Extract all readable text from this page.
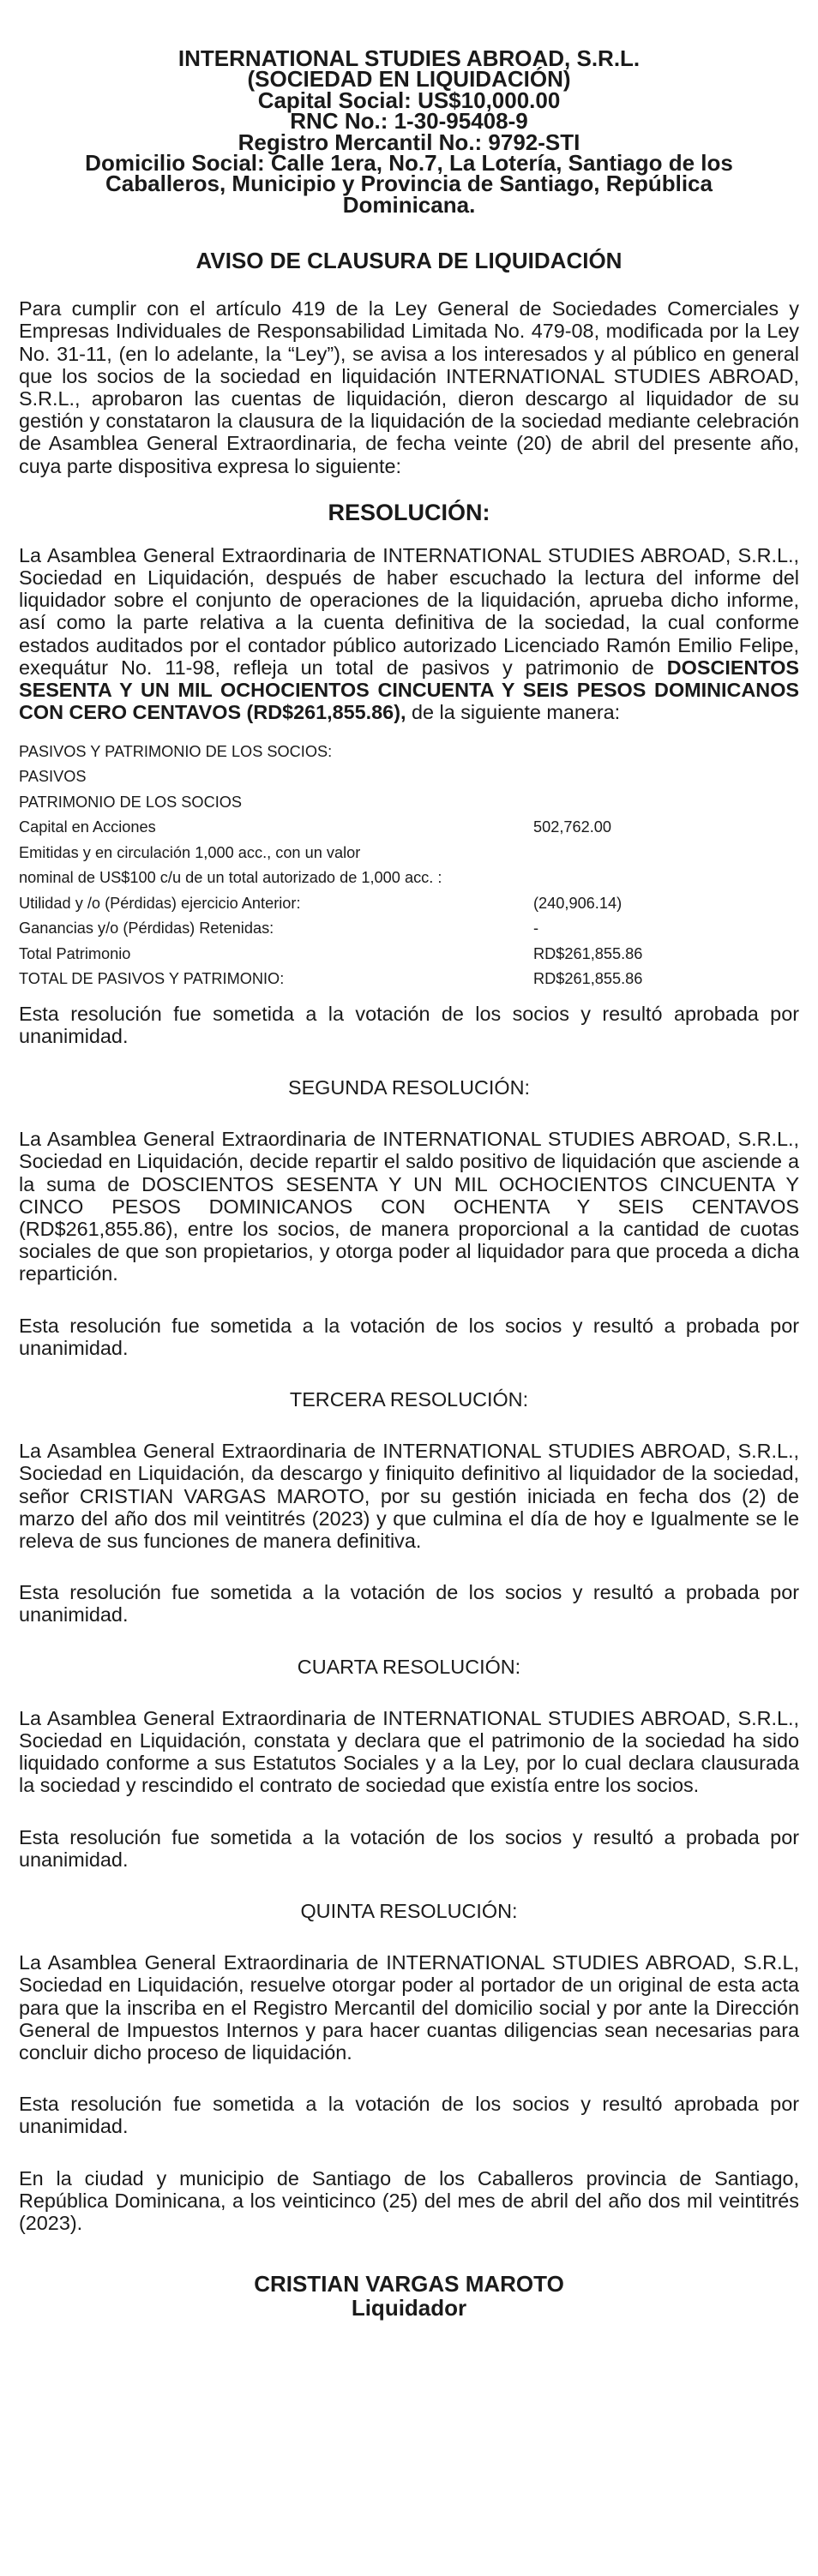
INTERNATIONAL STUDIES ABROAD, S.R.L.
(SOCIEDAD EN LIQUIDACIÓN)
Capital Social: US$10,000.00
RNC No.: 1-30-95408-9
Registro Mercantil No.: 9792-STI
Domicilio Social: Calle 1era, No.7, La Lotería, Santiago de los
Caballeros, Municipio y Provincia de Santiago, República
Dominicana.
AVISO DE CLAUSURA DE LIQUIDACIÓN

Para cumplir con el artículo 419 de la Ley General de Sociedades Comerciales y Empresas Individuales de Responsabilidad Limitada No. 479-08, modificada por la Ley No. 31-11, (en lo adelante, la “Ley”), se avisa a los interesados y al público en general que los socios de la sociedad en liquidación INTERNATIONAL STUDIES ABROAD, S.R.L., aprobaron las cuentas de liquidación, dieron descargo al liquidador de su gestión y constataron la clausura de la liquidación de la sociedad mediante celebración de Asamblea General Extraordinaria, de fecha veinte (20) de abril del presente año, cuya parte dispositiva expresa lo siguiente:

RESOLUCIÓN:

La Asamblea General Extraordinaria de INTERNATIONAL STUDIES ABROAD, S.R.L., Sociedad en Liquidación, después de haber escuchado la lectura del informe del liquidador sobre el conjunto de operaciones de la liquidación, aprueba dicho informe, así como la parte relativa a la cuenta definitiva de la sociedad, la cual conforme estados auditados por el contador público autorizado Licenciado Ramón Emilio Felipe, exequátur No. 11-98, refleja un total de pasivos y patrimonio de DOSCIENTOS SESENTA Y UN MIL OCHOCIENTOS CINCUENTA Y SEIS PESOS DOMINICANOS CON CERO CENTAVOS (RD$261,855.86), de la siguiente manera:

PASIVOS Y PATRIMONIO DE LOS SOCIOS:	
PASIVOS	
PATRIMONIO DE LOS SOCIOS	
Capital en Acciones	502,762.00
Emitidas y en circulación 1,000 acc., con un valor	
nominal de US$100 c/u de un total autorizado de 1,000 acc. :	
Utilidad y /o (Pérdidas) ejercicio Anterior:	(240,906.14)
Ganancias y/o (Pérdidas) Retenidas:	-
Total Patrimonio	RD$261,855.86
TOTAL DE PASIVOS Y PATRIMONIO:	RD$261,855.86

Esta resolución fue sometida a la votación de los socios y resultó aprobada por unanimidad.

SEGUNDA RESOLUCIÓN:

La Asamblea General Extraordinaria de INTERNATIONAL STUDIES ABROAD, S.R.L., Sociedad en Liquidación, decide repartir el saldo positivo de liquidación que asciende a la suma de DOSCIENTOS SESENTA Y UN MIL OCHOCIENTOS CINCUENTA Y CINCO PESOS DOMINICANOS CON OCHENTA Y SEIS CENTAVOS (RD$261,855.86), entre los socios, de manera proporcional a la cantidad de cuotas sociales de que son propietarios, y otorga poder al liquidador para que proceda a dicha repartición.

Esta resolución fue sometida a la votación de los socios y resultó a probada por unanimidad.

TERCERA RESOLUCIÓN:

La Asamblea General Extraordinaria de INTERNATIONAL STUDIES ABROAD, S.R.L., Sociedad en Liquidación, da descargo y finiquito definitivo al liquidador de la sociedad, señor CRISTIAN VARGAS MAROTO, por su gestión iniciada en fecha dos (2) de marzo del año dos mil veintitrés (2023) y que culmina el día de hoy e Igualmente se le releva de sus funciones de manera definitiva.

Esta resolución fue sometida a la votación de los socios y resultó a probada por unanimidad.

CUARTA RESOLUCIÓN:

La Asamblea General Extraordinaria de INTERNATIONAL STUDIES ABROAD, S.R.L., Sociedad en Liquidación, constata y declara que el patrimonio de la sociedad ha sido liquidado conforme a sus Estatutos Sociales y a la Ley, por lo cual declara clausurada la sociedad y rescindido el contrato de sociedad que existía entre los socios.

Esta resolución fue sometida a la votación de los socios y resultó a probada por unanimidad.

QUINTA RESOLUCIÓN:

La Asamblea General Extraordinaria de INTERNATIONAL STUDIES ABROAD, S.R.L, Sociedad en Liquidación, resuelve otorgar poder al portador de un original de esta acta para que la inscriba en el Registro Mercantil del domicilio social y por ante la Dirección General de Impuestos Internos y para hacer cuantas diligencias sean necesarias para concluir dicho proceso de liquidación.

Esta resolución fue sometida a la votación de los socios y resultó aprobada por unanimidad.

En la ciudad y municipio de Santiago de los Caballeros provincia de Santiago, República Dominicana, a los veinticinco (25) del mes de abril del año dos mil veintitrés (2023).

CRISTIAN VARGAS MAROTO
Liquidador
